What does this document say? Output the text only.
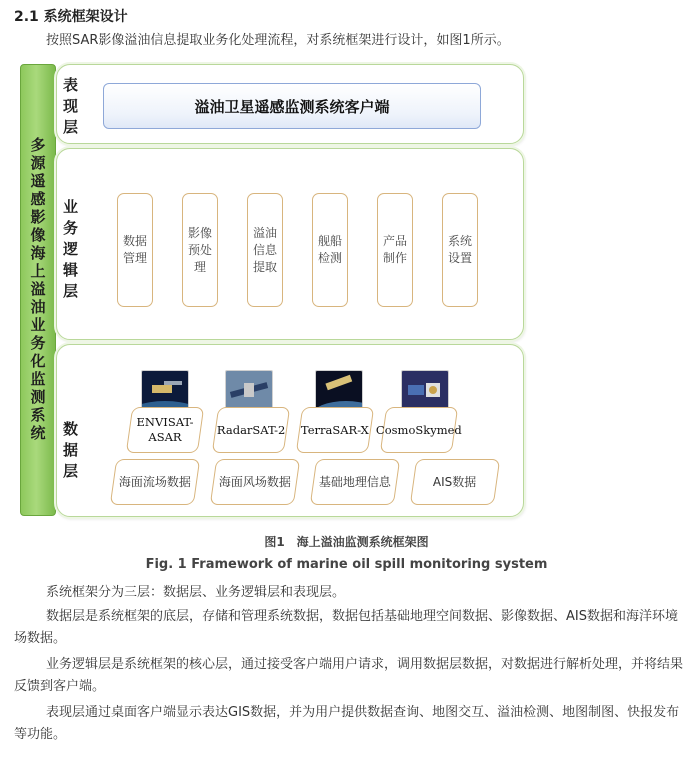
2.1 系统框架设计
按照SAR影像溢油信息提取业务化处理流程，对系统框架进行设计，如图1所示。
多源遥感影像海上溢油业务化监测系统
表现层
溢油卫星遥感监测系统客户端
业务逻辑层
数据管理
影像预处理
溢油信息提取
舰船检测
产品制作
系统设置
数据层
ENVISAT-ASAR
RadarSAT-2 TerraSAR-X CosmoSkymed
海面流场数据 海面风场数据 基础地理信息	AIS数据
图1　海上溢油监测系统框架图
Fig. 1 Framework of marine oil spill monitoring system
系统框架分为三层：数据层、业务逻辑层和表现层。
数据层是系统框架的底层，存储和管理系统数据，数据包括基础地理空间数据、影像数据、AIS数据和海洋环境场数据。
业务逻辑层是系统框架的核心层，通过接受客户端用户请求，调用数据层数据，对数据进行解析处理，并将结果反馈到客户端。
表现层通过桌面客户端显示表达GIS数据，并为用户提供数据查询、地图交互、溢油检测、地图制图、快报发布等功能。
